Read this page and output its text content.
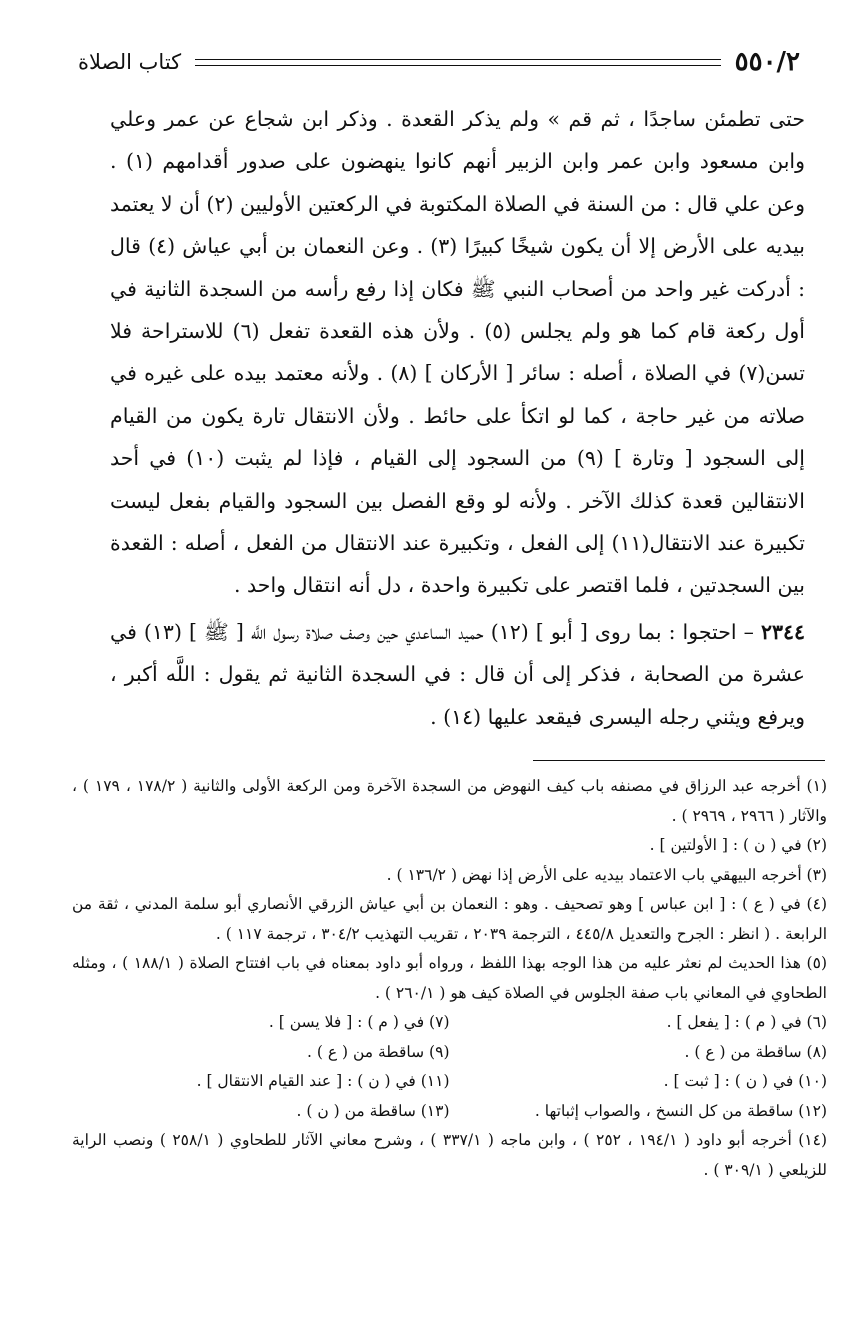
٥٥٠/٢
كتاب الصلاة

حتى تطمئن ساجدًا ، ثم قم » ولم يذكر القعدة . وذكر ابن شجاع عن عمر وعلي وابن مسعود وابن عمر وابن الزبير أنهم كانوا ينهضون على صدور أقدامهم (١) . وعن علي قال : من السنة في الصلاة المكتوبة في الركعتين الأوليين (٢) أن لا يعتمد بيديه على الأرض إلا أن يكون شيخًا كبيرًا (٣) . وعن النعمان بن أبي عياش (٤) قال : أدركت غير واحد من أصحاب النبي ﷺ فكان إذا رفع رأسه من السجدة الثانية في أول ركعة قام كما هو ولم يجلس (٥) . ولأن هذه القعدة تفعل (٦) للاستراحة فلا تسن(٧) في الصلاة ، أصله : سائر [ الأركان ] (٨) . ولأنه معتمد بيده على غيره في صلاته من غير حاجة ، كما لو اتكأ على حائط . ولأن الانتقال تارة يكون من القيام إلى السجود [ وتارة ] (٩) من السجود إلى القيام ، فإذا لم يثبت (١٠) في أحد الانتقالين قعدة كذلك الآخر . ولأنه لو وقع الفصل بين السجود والقيام بفعل ليست تكبيرة عند الانتقال(١١) إلى الفعل ، وتكبيرة عند الانتقال من الفعل ، أصله : القعدة بين السجدتين ، فلما اقتصر على تكبيرة واحدة ، دل أنه انتقال واحد .

٢٣٤٤ – احتجوا : بما روى [ أبو ] (١٢) حميد الساعدي حين وصف صلاة رسول اللَّه [ ﷺ ] (١٣) في عشرة من الصحابة ، فذكر إلى أن قال : في السجدة الثانية ثم يقول : اللَّه أكبر ، ويرفع ويثني رجله اليسرى فيقعد عليها (١٤) .

(١) أخرجه عبد الرزاق في مصنفه باب كيف النهوض من السجدة الآخرة ومن الركعة الأولى والثانية ( ١٧٨/٢ ، ١٧٩ ) ، والآثار ( ٢٩٦٦ ، ٢٩٦٩ ) .

(٢) في ( ن ) : [ الأولتين ] .

(٣) أخرجه البيهقي باب الاعتماد بيديه على الأرض إذا نهض ( ١٣٦/٢ ) .

(٤) في ( ع ) : [ ابن عباس ] وهو تصحيف . وهو : النعمان بن أبي عياش الزرقي الأنصاري أبو سلمة المدني ، ثقة من الرابعة . ( انظر : الجرح والتعديل ٤٤٥/٨ ، الترجمة ٢٠٣٩ ، تقريب التهذيب ٣٠٤/٢ ، ترجمة ١١٧ ) .

(٥) هذا الحديث لم نعثر عليه من هذا الوجه بهذا اللفظ ، ورواه أبو داود بمعناه في باب افتتاح الصلاة ( ١٨٨/١ ) ، ومثله الطحاوي في المعاني باب صفة الجلوس في الصلاة كيف هو ( ٢٦٠/١ ) .

(٦) في ( م ) : [ يفعل ] .
(٧) في ( م ) : [ فلا يسن ] .
(٨) ساقطة من ( ع ) .
(٩) ساقطة من ( ع ) .
(١٠) في ( ن ) : [ ثبت ] .
(١١) في ( ن ) : [ عند القيام الانتقال ] .
(١٢) ساقطة من كل النسخ ، والصواب إثباتها .
(١٣) ساقطة من ( ن ) .

(١٤) أخرجه أبو داود ( ١٩٤/١ ، ٢٥٢ ) ، وابن ماجه ( ٣٣٧/١ ) ، وشرح معاني الآثار للطحاوي ( ٢٥٨/١ ) ونصب الراية للزيلعي ( ٣٠٩/١ ) .
